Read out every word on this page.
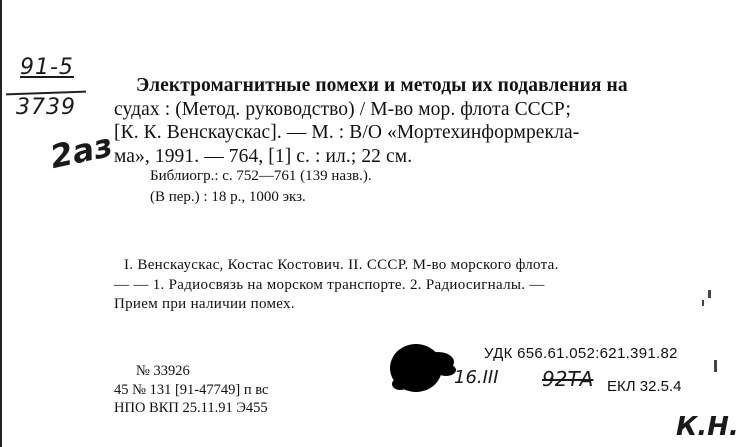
91-5
3739
2аз
Электромагнитные помехи и методы их подавления на
судах : (Метод. руководство) / М-во мор. флота СССР;
[К. К. Венскаускас]. — М. : В/О «Мортехинформреклa-
ма», 1991. — 764, [1] с. : ил.; 22 см.
Библиогр.: с. 752—761 (139 назв.).
(В пер.) : 18 р., 1000 экз.
I. Венскаускас, Костас Костович. II. СССР. М-во морского флота.
— — 1. Радиосвязь на морском транспорте. 2. Радиосигналы. —
Прием при наличии помех.
№ 33926
45 № 131 [91-47749] п вс
НПО ВКП 25.11.91 Э455
УДК 656.61.052:621.391.82
16.III 92ТА ЕКЛ 32.5.4
К.Н.
